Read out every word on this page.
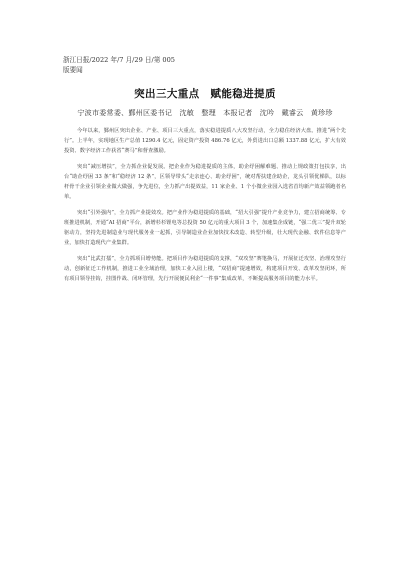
浙江日报/2022 年/7 月/29 日/第 005
版要闻
突出三大重点　赋能稳进提质
宁波市委常委、鄞州区委书记　沈敏　整理　本报记者　沈吟　戴睿云　黄珍珍

今年以来，鄞州区突出企业、产业、项目三大重点，落实稳进提质八大攻坚行动，全力稳住经济大盘。推进“两个先行”。上半年，实现地区生产总值 1290.4 亿元，固定资产投资 486.76 亿元，外贸进出口总额 1337.88 亿元，扩大有效投资、数字经济工作获省“赛马”和督查激励。

突出“减压增扶”，全力抓企业促发展。把企业作为稳进提质的主体，助企纾困解难题、推动上规政策打包扶享，出台“助企纾困 33 条”和“稳经济 12 条”，区领导带头“走亲连心、助企纾困”，统对帮扶建企助企，龙头引领优梯队，以标杆骨干企业引领企业做大做强，争先进位，全力抓产出提效益，11 家企业、1 个小微企业园入选省首均新产效益领跑者名单。

突出“引外强内”，全力抓产业提效攻。把产业作为稳进提质的基础，“招大引强”提升产业竞争力，建立招商统筹、专班推进机制，开通“AI 招商”平台，新增杉杉锂电等总投资 50 亿元的重大项目 3 个，加速集企成链，“强二优三”提升双轮驱动力，坚持先进制造业与现代服务业一起抓，引导制造业企业加快技术改造、转型升级，壮大现代金融、软件信息等产业，加快打造现代产业集群。

突出“比武打擂”，全力抓项目增势能。把项目作为稳进提质的支撑，“双攻坚”赛笔换马，开展征迁攻坚、治理攻坚行动，创新征迁工作机制，推进工业全域治理，加快工业入园上楼，“双招商”提速增效，构建项目开发、改革攻坚闭环，所有项目领导挂钩，挂图作战、闭环管理，先行开展便民利企“一件事”集成改革，不断提高服务项目的能力水平。
